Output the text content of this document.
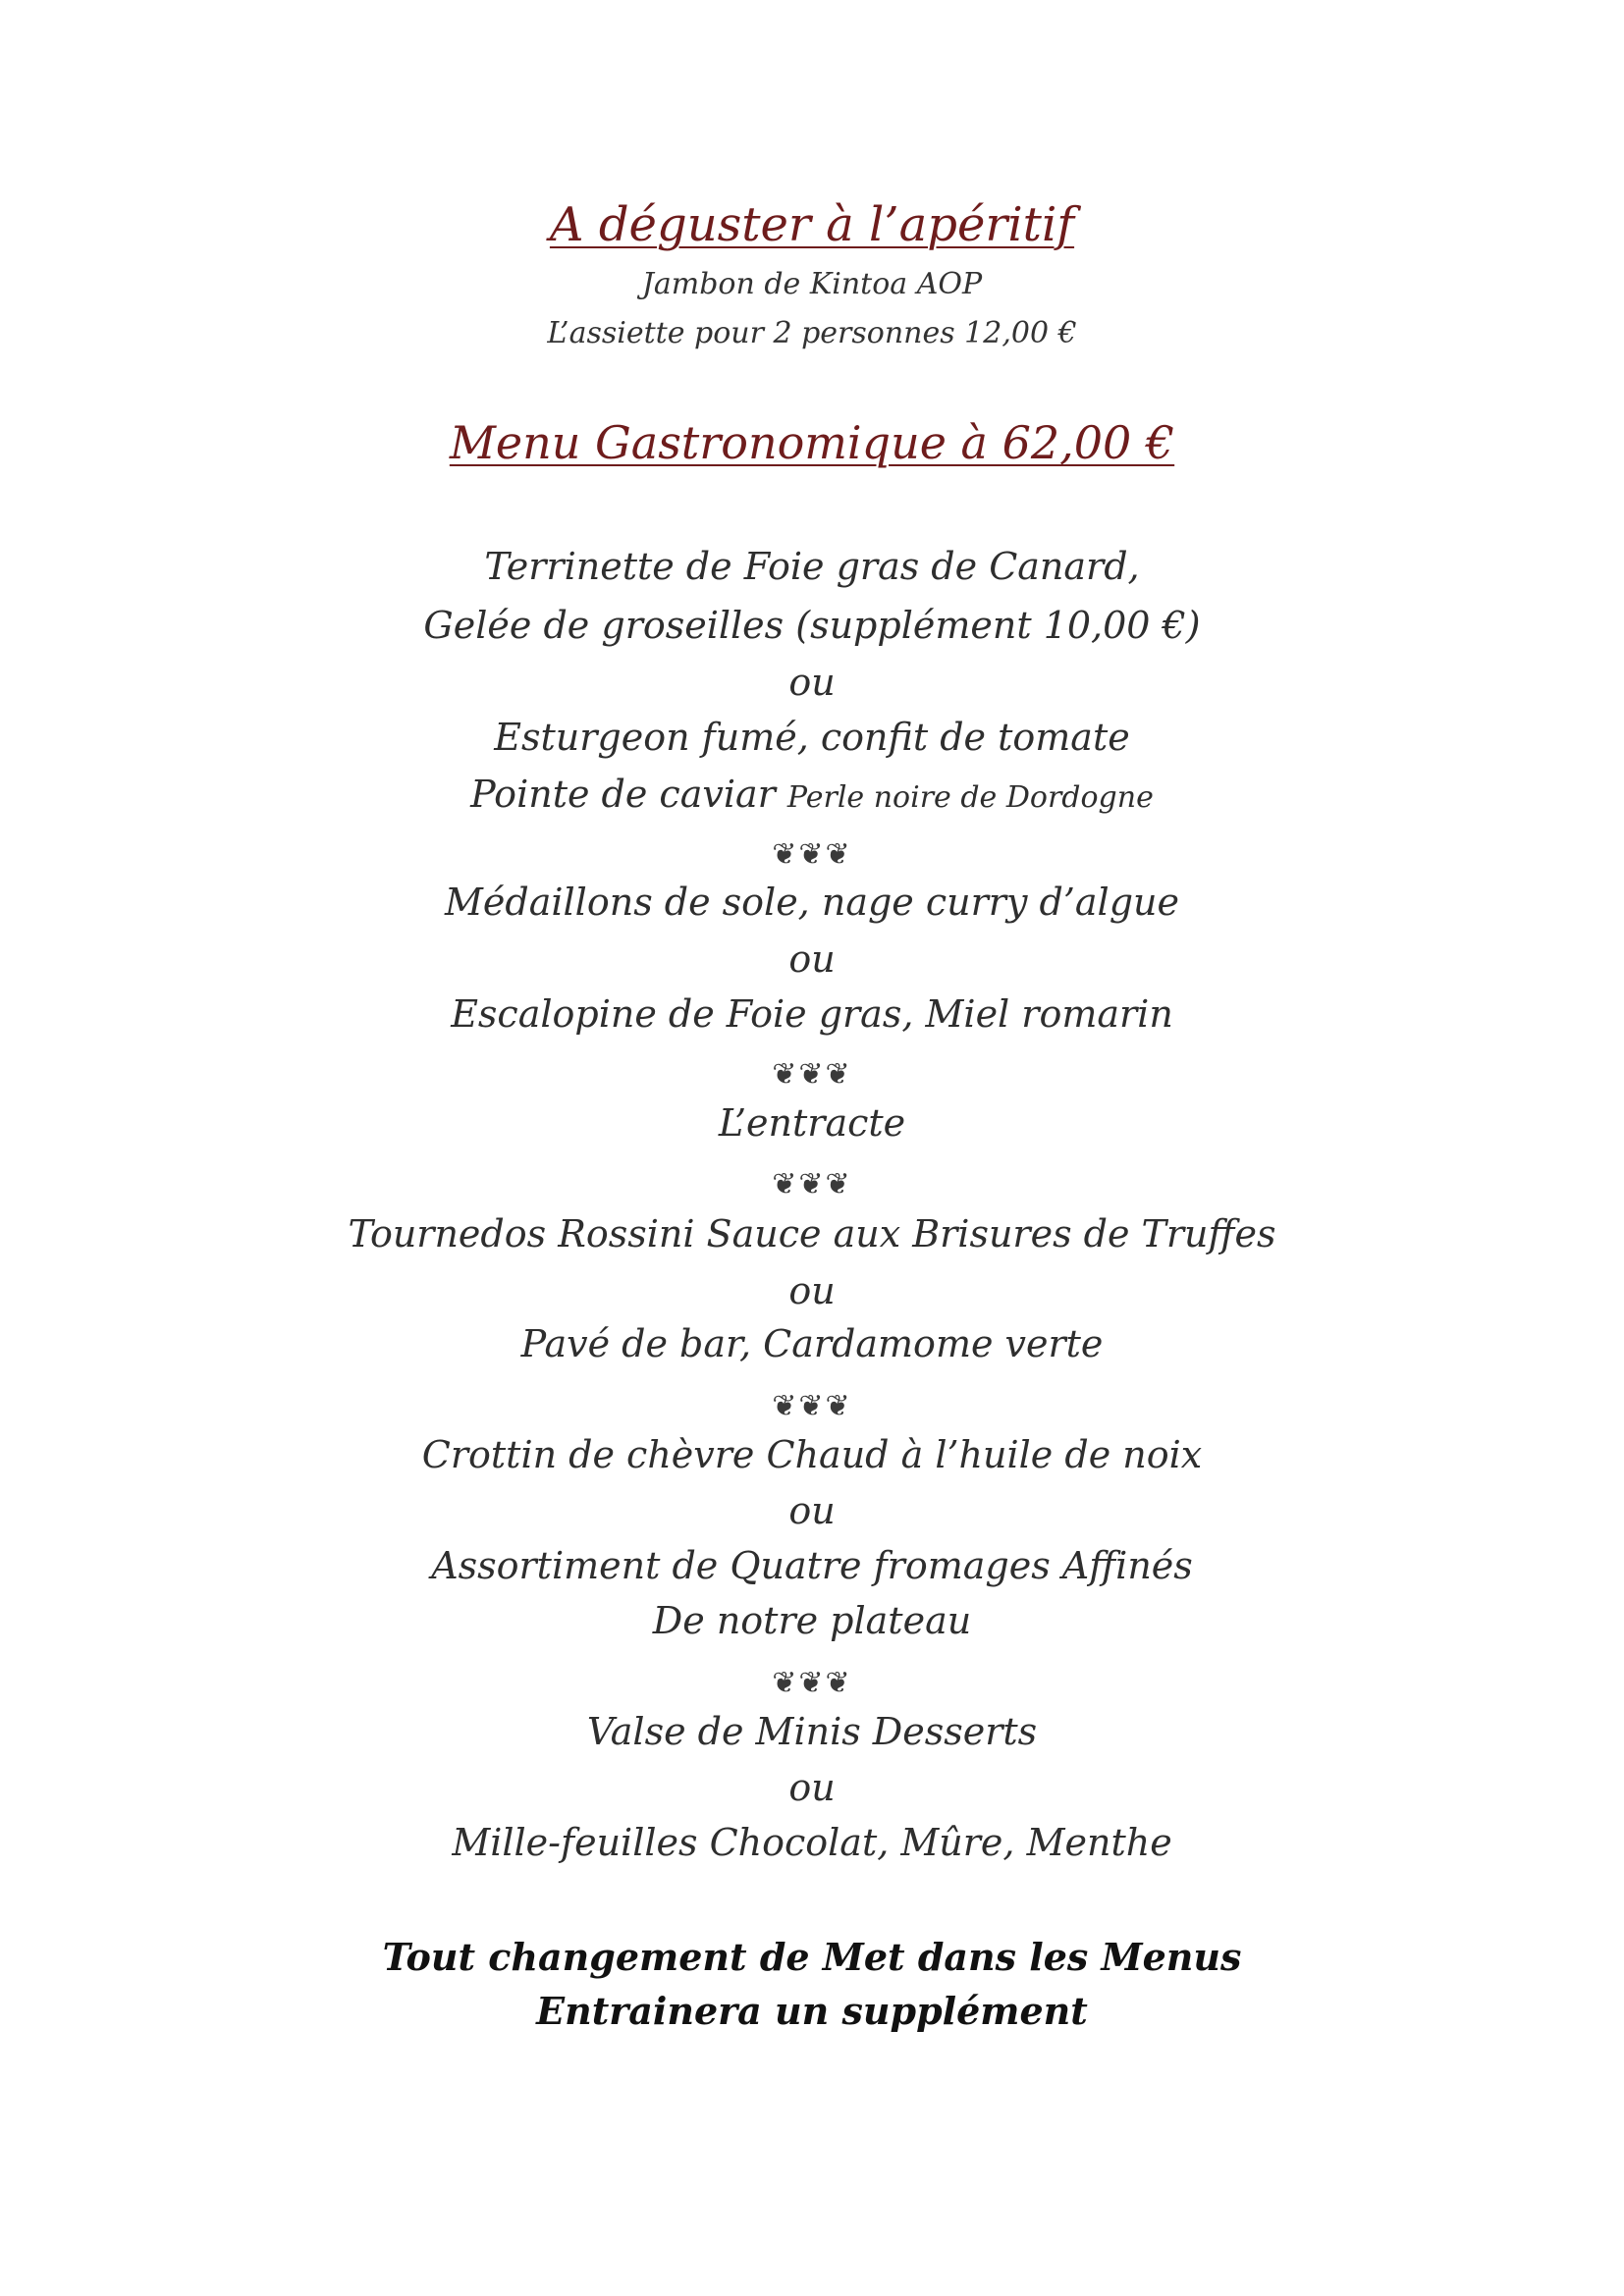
A déguster à l’apéritif
Jambon de Kintoa AOP
L’assiette pour 2 personnes 12,00 €
Menu Gastronomique à 62,00 €
Terrinette de Foie gras de Canard,
Gelée de groseilles (supplément 10,00 €)
ou
Esturgeon fumé, confit de tomate
Pointe de caviar Perle noire de Dordogne
❦❦❦
Médaillons de sole, nage curry d’algue
ou
Escalopine de Foie gras, Miel romarin
❦❦❦
L’entracte
❦❦❦
Tournedos Rossini Sauce aux Brisures de Truffes
ou
Pavé de bar, Cardamome verte
❦❦❦
Crottin de chèvre Chaud à l’huile de noix
ou
Assortiment de Quatre fromages Affinés
De notre plateau
❦❦❦
Valse de Minis Desserts
ou
Mille-feuilles Chocolat, Mûre, Menthe
Tout changement de Met dans les Menus
Entrainera un supplément
